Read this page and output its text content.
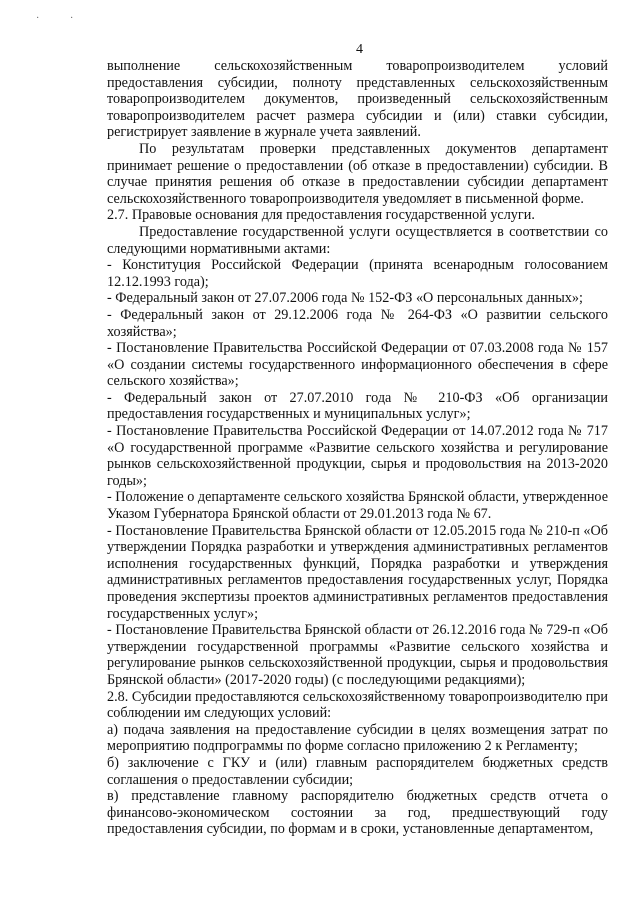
·	·
4

выполнение сельскохозяйственным товаропроизводителем условий предоставления субсидии, полноту представленных сельскохозяйственным товаропроизводителем документов, произведенный сельскохозяйственным товаропроизводителем расчет размера субсидии и (или) ставки субсидии, регистрирует заявление в журнале учета заявлений.

По результатам проверки представленных документов департамент принимает решение о предоставлении (об отказе в предоставлении) субсидии. В случае принятия решения об отказе в предоставлении субсидии департамент сельскохозяйственного товаропроизводителя уведомляет в письменной форме.

2.7. Правовые основания для предоставления государственной услуги.

Предоставление государственной услуги осуществляется в соответствии со следующими нормативными актами:

- Конституция Российской Федерации (принята всенародным голосованием 12.12.1993 года);

- Федеральный закон от 27.07.2006 года № 152-ФЗ «О персональных данных»;

- Федеральный закон от 29.12.2006 года № 264-ФЗ «О развитии сельского хозяйства»;

- Постановление Правительства Российской Федерации от 07.03.2008 года № 157 «О создании системы государственного информационного обеспечения в сфере сельского хозяйства»;

- Федеральный закон от 27.07.2010 года № 210-ФЗ «Об организации предоставления государственных и муниципальных услуг»;

- Постановление Правительства Российской Федерации от 14.07.2012 года № 717 «О государственной программе «Развитие сельского хозяйства и регулирование рынков сельскохозяйственной продукции, сырья и продовольствия на 2013-2020 годы»;

- Положение о департаменте сельского хозяйства Брянской области, утвержденное Указом Губернатора Брянской области от 29.01.2013 года № 67.

- Постановление Правительства Брянской области от 12.05.2015 года № 210-п «Об утверждении Порядка разработки и утверждения административных регламентов исполнения государственных функций, Порядка разработки и утверждения административных регламентов предоставления государственных услуг, Порядка проведения экспертизы проектов административных регламентов предоставления государственных услуг»;

- Постановление Правительства Брянской области от 26.12.2016 года № 729-п «Об утверждении государственной программы «Развитие сельского хозяйства и регулирование рынков сельскохозяйственной продукции, сырья и продовольствия Брянской области» (2017-2020 годы) (с последующими редакциями);

2.8. Субсидии предоставляются сельскохозяйственному товаропроизводителю при соблюдении им следующих условий:

а) подача заявления на предоставление субсидии в целях возмещения затрат по мероприятию подпрограммы по форме согласно приложению 2 к Регламенту;

б) заключение с ГКУ и (или) главным распорядителем бюджетных средств соглашения о предоставлении субсидии;

в) представление главному распорядителю бюджетных средств отчета о финансово-экономическом состоянии за год, предшествующий году предоставления субсидии, по формам и в сроки, установленные департаментом,
